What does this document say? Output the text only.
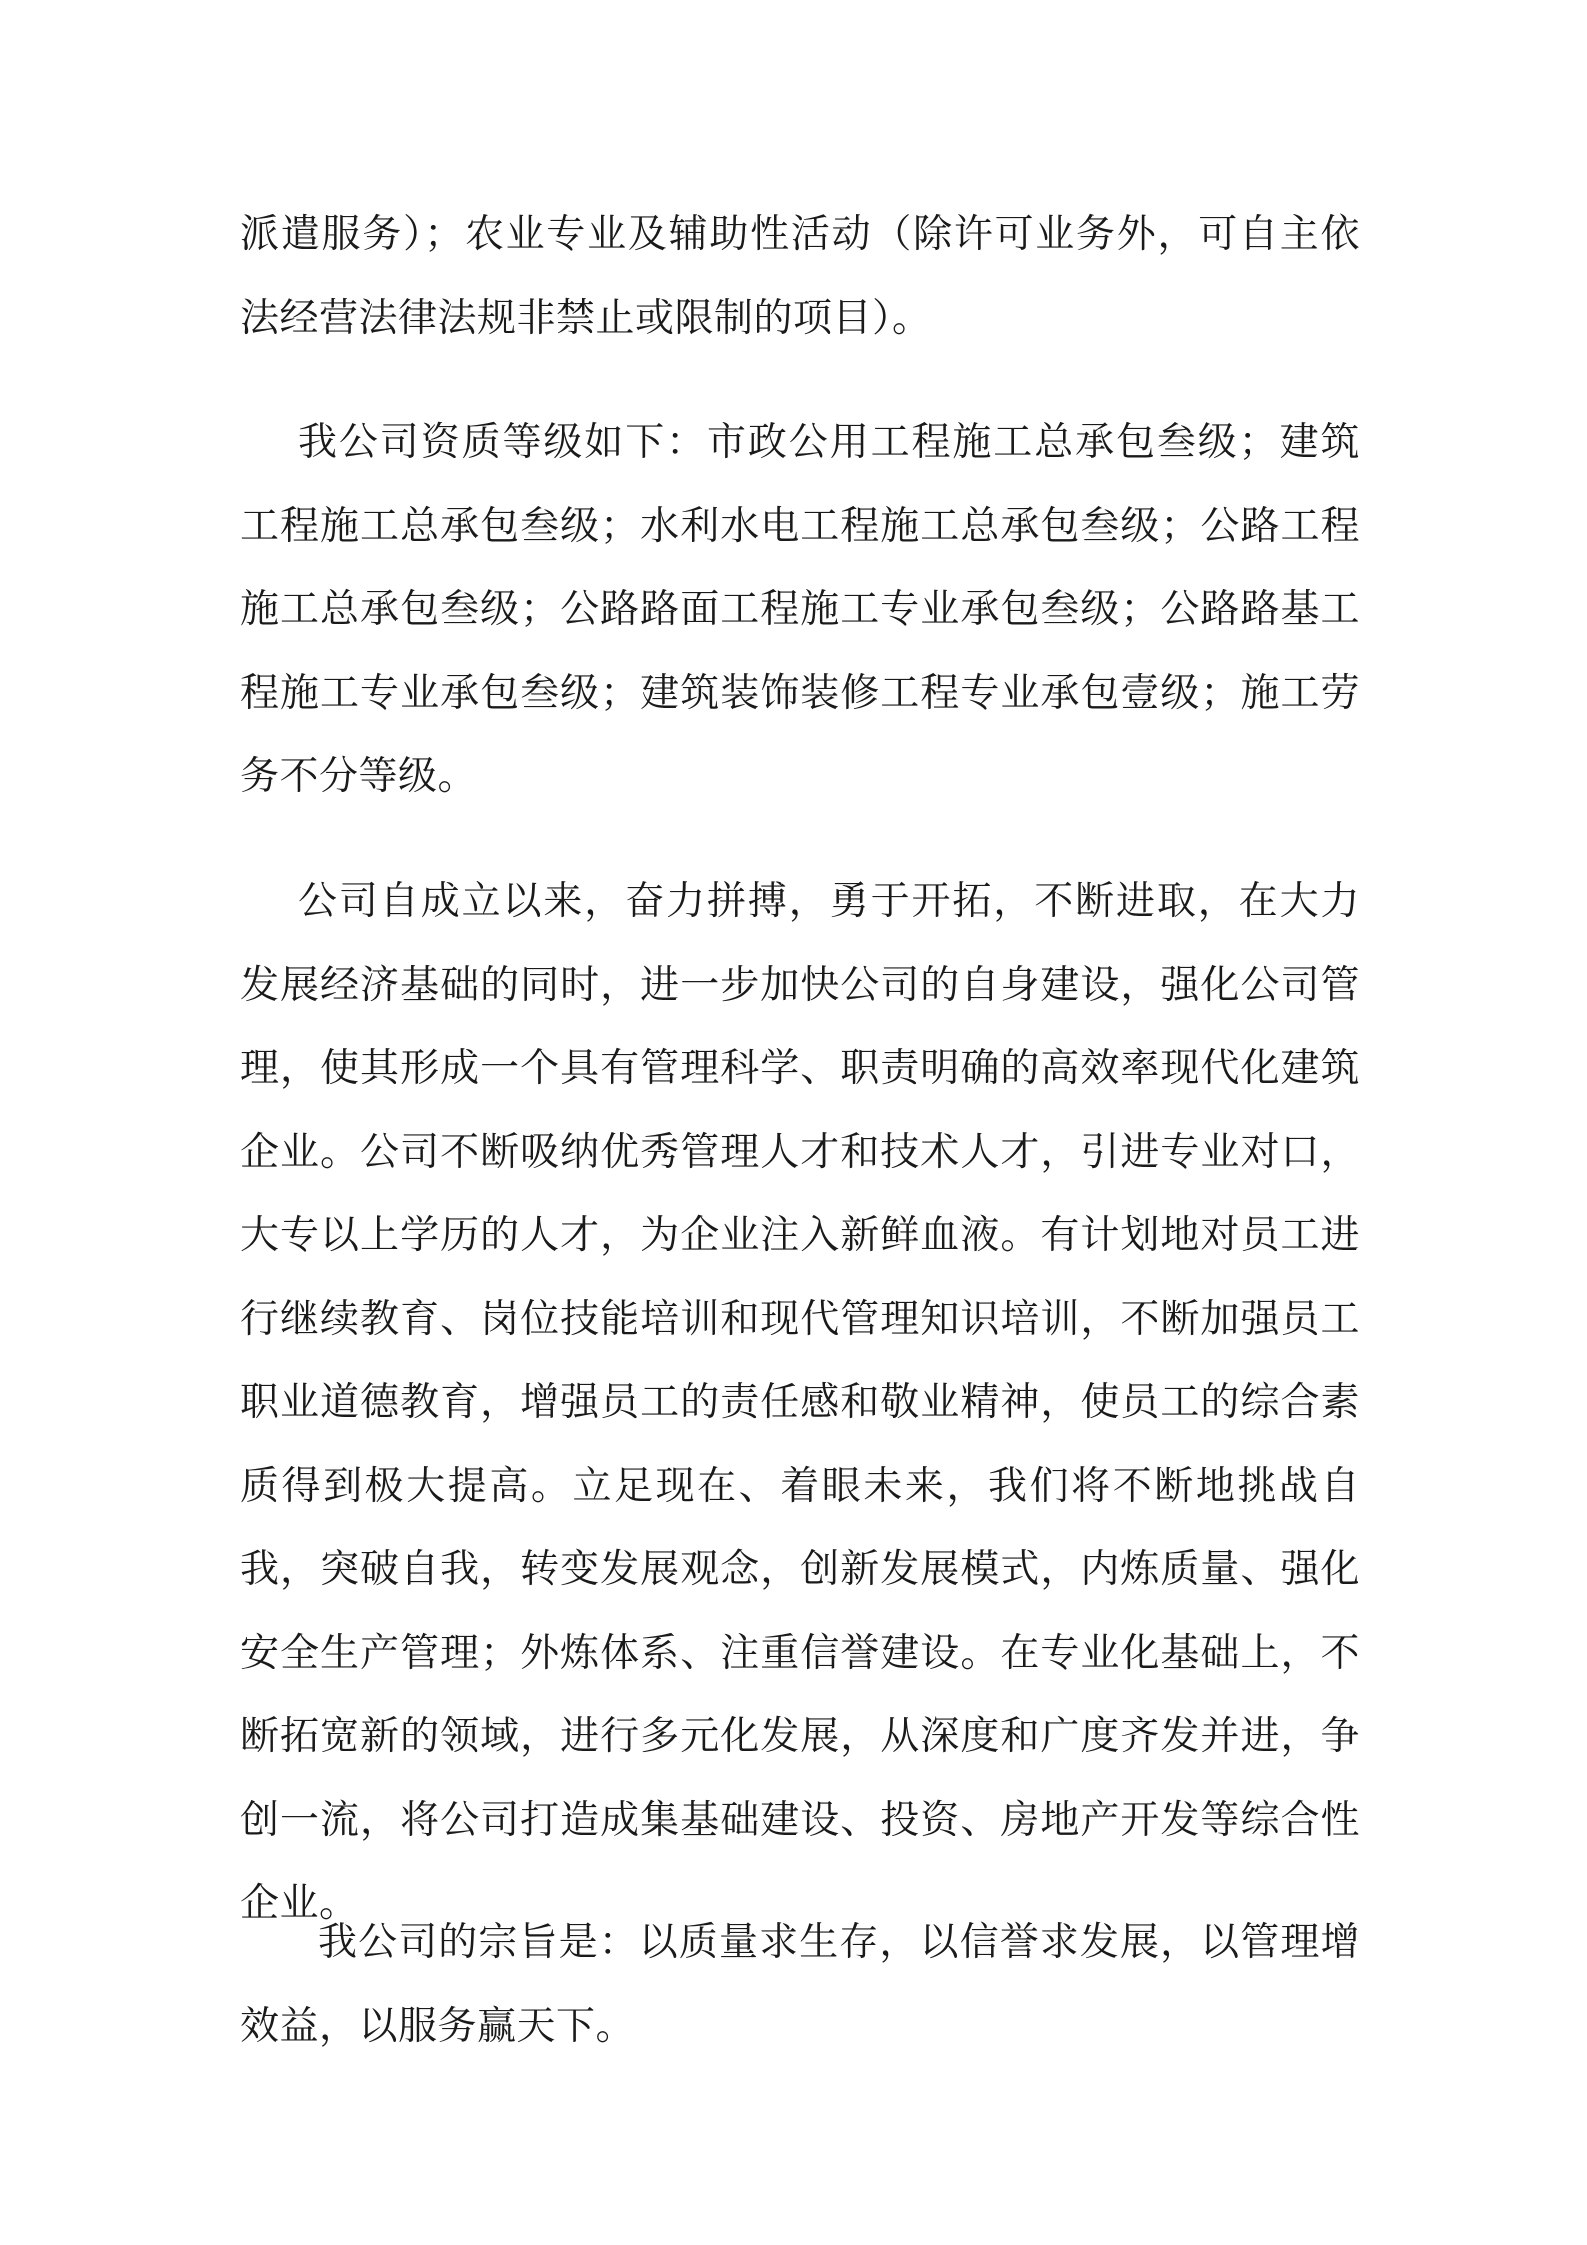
派遣服务）；农业专业及辅助性活动（除许可业务外，可自主依法经营法律法规非禁止或限制的项目）。

我公司资质等级如下：市政公用工程施工总承包叁级；建筑工程施工总承包叁级；水利水电工程施工总承包叁级；公路工程施工总承包叁级；公路路面工程施工专业承包叁级；公路路基工程施工专业承包叁级；建筑装饰装修工程专业承包壹级；施工劳务不分等级。

公司自成立以来，奋力拼搏，勇于开拓，不断进取，在大力发展经济基础的同时，进一步加快公司的自身建设，强化公司管理，使其形成一个具有管理科学、职责明确的高效率现代化建筑企业。公司不断吸纳优秀管理人才和技术人才，引进专业对口，大专以上学历的人才，为企业注入新鲜血液。有计划地对员工进行继续教育、岗位技能培训和现代管理知识培训，不断加强员工职业道德教育，增强员工的责任感和敬业精神，使员工的综合素质得到极大提高。立足现在、着眼未来，我们将不断地挑战自我，突破自我，转变发展观念，创新发展模式，内炼质量、强化安全生产管理；外炼体系、注重信誉建设。在专业化基础上，不断拓宽新的领域，进行多元化发展，从深度和广度齐发并进，争创一流，将公司打造成集基础建设、投资、房地产开发等综合性企业。

我公司的宗旨是：以质量求生存，以信誉求发展，以管理增效益，以服务赢天下。
